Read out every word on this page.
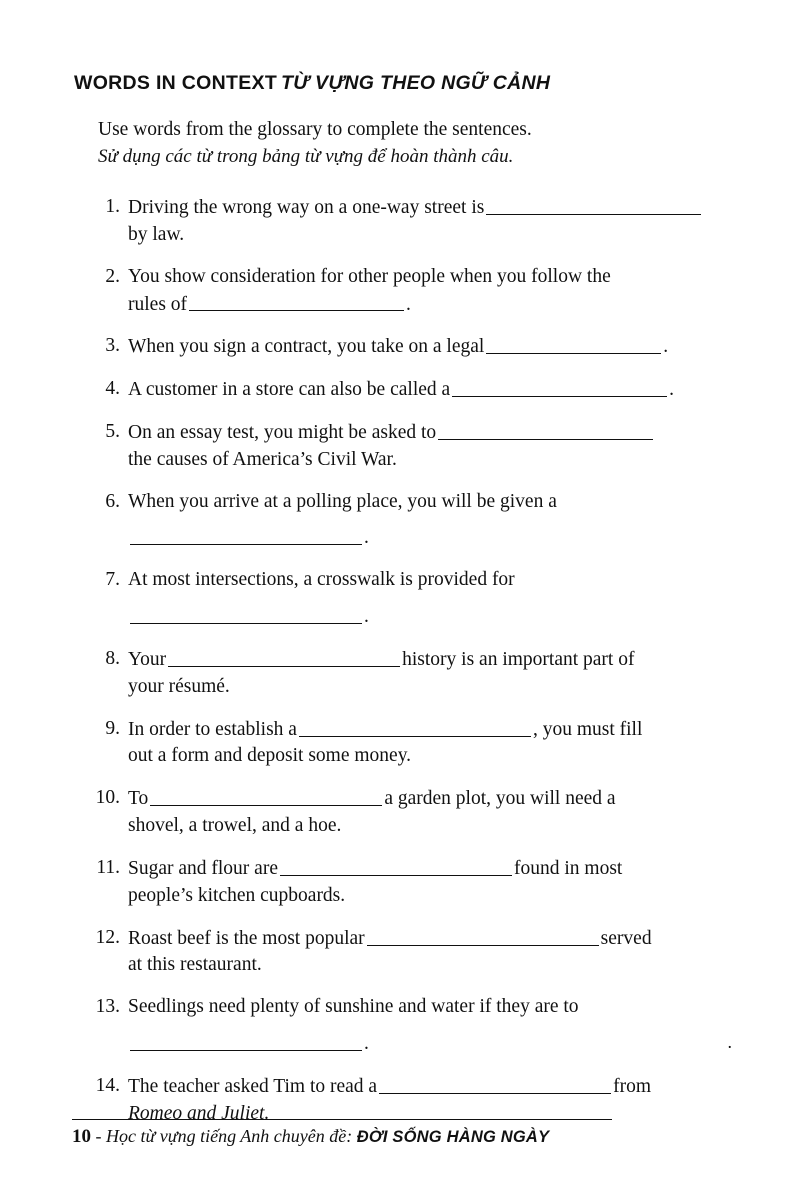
WORDS IN CONTEXT TỪ VỰNG THEO NGỮ CẢNH
Use words from the glossary to complete the sentences.
Sử dụng các từ trong bảng từ vựng để hoàn thành câu.
1. Driving the wrong way on a one-way street is
by law.
2. You show consideration for other people when you follow the
rules of	.
3. When you sign a contract, you take on a legal	.
4. A customer in a store can also be called a	.
5. On an essay test, you might be asked to
the causes of America’s Civil War.
6. When you arrive at a polling place, you will be given a
.
7. At most intersections, a crosswalk is provided for
.
8. Your	history is an important part of
your résumé.
9. In order to establish a	, you must fill
out a form and deposit some money.
10. To	a garden plot, you will need a
shovel, a trowel, and a hoe.
11. Sugar and flour are	found in most
people’s kitchen cupboards.
12. Roast beef is the most popular	served
at this restaurant.
13. Seedlings need plenty of sunshine and water if they are to
.	.
14. The teacher asked Tim to read a	from
Romeo and Juliet.
10 - Học từ vựng tiếng Anh chuyên đề: ĐỜI SỐNG HÀNG NGÀY
